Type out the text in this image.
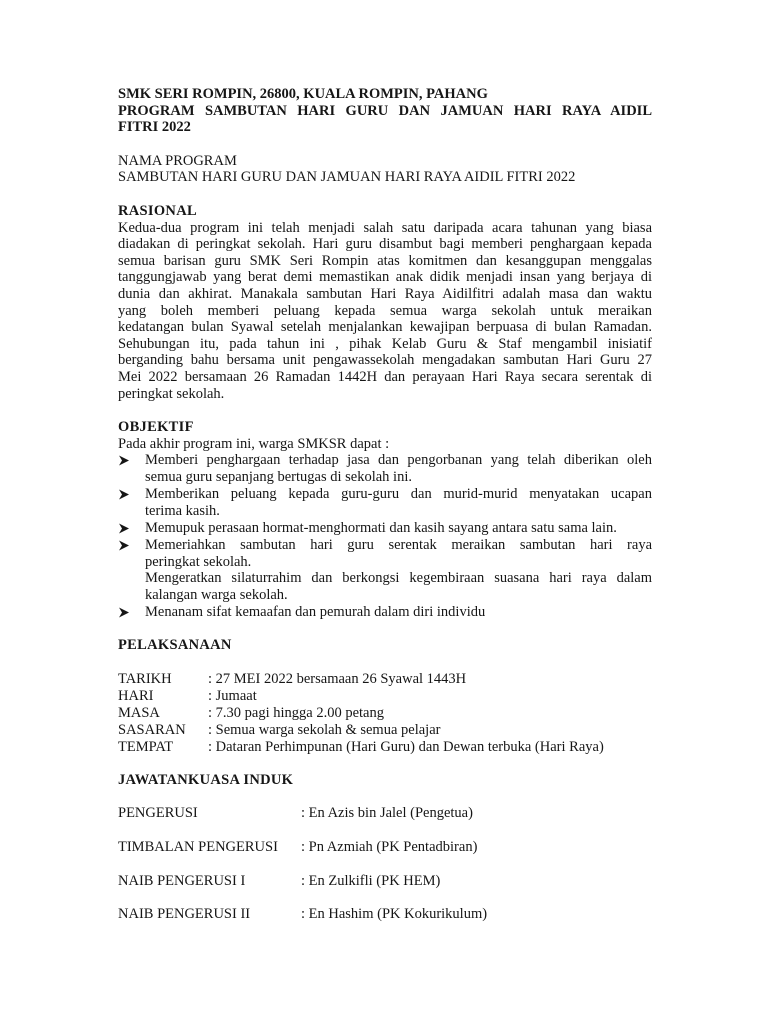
SMK SERI ROMPIN, 26800, KUALA ROMPIN, PAHANG

PROGRAM SAMBUTAN HARI GURU DAN JAMUAN HARI RAYA AIDIL

FITRI 2022

NAMA PROGRAM

SAMBUTAN HARI GURU DAN JAMUAN HARI RAYA AIDIL FITRI 2022

RASIONAL

Kedua-dua program ini telah menjadi salah satu daripada acara tahunan yang biasa
diadakan di peringkat sekolah. Hari guru disambut bagi memberi penghargaan kepada
semua barisan guru SMK Seri Rompin atas komitmen dan kesanggupan menggalas
tanggungjawab yang berat demi memastikan anak didik menjadi insan yang berjaya di
dunia dan akhirat. Manakala sambutan Hari Raya Aidilfitri adalah masa dan waktu
yang boleh memberi peluang kepada semua warga sekolah untuk meraikan
kedatangan bulan Syawal setelah menjalankan kewajipan berpuasa di bulan Ramadan.
Sehubungan itu, pada tahun ini , pihak Kelab Guru & Staf mengambil inisiatif
berganding bahu bersama unit pengawassekolah mengadakan sambutan Hari Guru 27
Mei 2022 bersamaan 26 Ramadan 1442H dan perayaan Hari Raya secara serentak di
peringkat sekolah.

OBJEKTIF

Pada akhir program ini, warga SMKSR dapat :

Memberi penghargaan terhadap jasa dan pengorbanan yang telah diberikan oleh
semua guru sepanjang bertugas di sekolah ini.
Memberikan peluang kepada guru-guru dan murid-murid menyatakan ucapan
terima kasih.
Memupuk perasaan hormat-menghormati dan kasih sayang antara satu sama lain.
Memeriahkan sambutan hari guru serentak meraikan sambutan hari raya
peringkat sekolah.
Mengeratkan silaturrahim dan berkongsi kegembiraan suasana hari raya dalam
kalangan warga sekolah.
Menanam sifat kemaafan dan pemurah dalam diri individu

PELAKSANAAN

TARIKH	: 27 MEI 2022 bersamaan 26 Syawal 1443H
HARI	: Jumaat
MASA	: 7.30 pagi hingga 2.00 petang
SASARAN	: Semua warga sekolah & semua pelajar
TEMPAT	: Dataran Perhimpunan (Hari Guru) dan Dewan terbuka (Hari Raya)

JAWATANKUASA INDUK

PENGERUSI	: En Azis bin Jalel (Pengetua)
TIMBALAN PENGERUSI	: Pn Azmiah (PK Pentadbiran)
NAIB PENGERUSI I	: En Zulkifli (PK HEM)
NAIB PENGERUSI II	: En Hashim (PK Kokurikulum)
